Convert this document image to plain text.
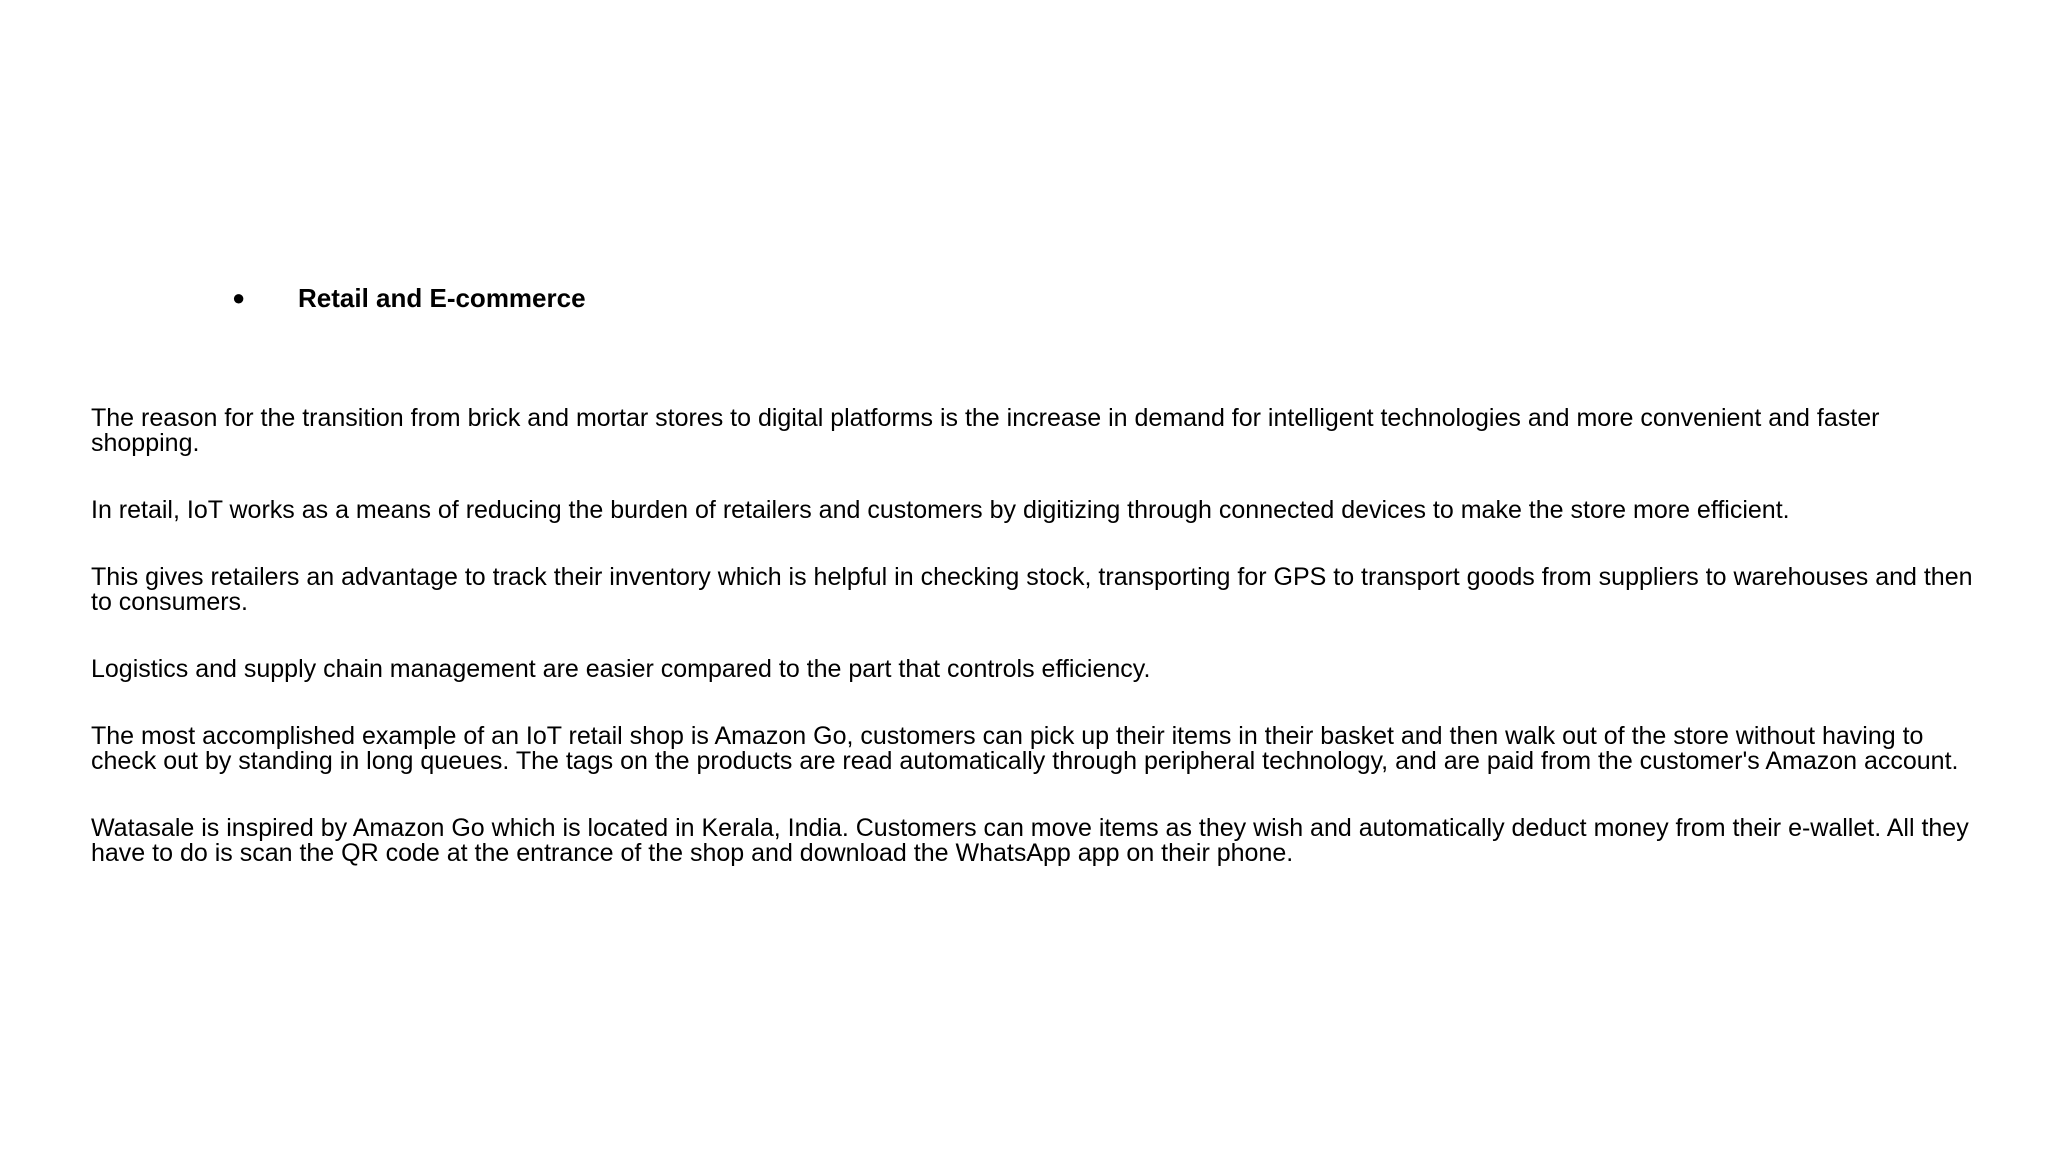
●	Retail and E-commerce

The reason for the transition from brick and mortar stores to digital platforms is the increase in demand for intelligent technologies and more convenient and faster shopping.

In retail, IoT works as a means of reducing the burden of retailers and customers by digitizing through connected devices to make the store more efficient.

This gives retailers an advantage to track their inventory which is helpful in checking stock, transporting for GPS to transport goods from suppliers to warehouses and then to consumers.

Logistics and supply chain management are easier compared to the part that controls efficiency.

The most accomplished example of an IoT retail shop is Amazon Go, customers can pick up their items in their basket and then walk out of the store without having to check out by standing in long queues. The tags on the products are read automatically through peripheral technology, and are paid from the customer's Amazon account.

Watasale is inspired by Amazon Go which is located in Kerala, India. Customers can move items as they wish and automatically deduct money from their e-wallet. All they have to do is scan the QR code at the entrance of the shop and download the WhatsApp app on their phone.
